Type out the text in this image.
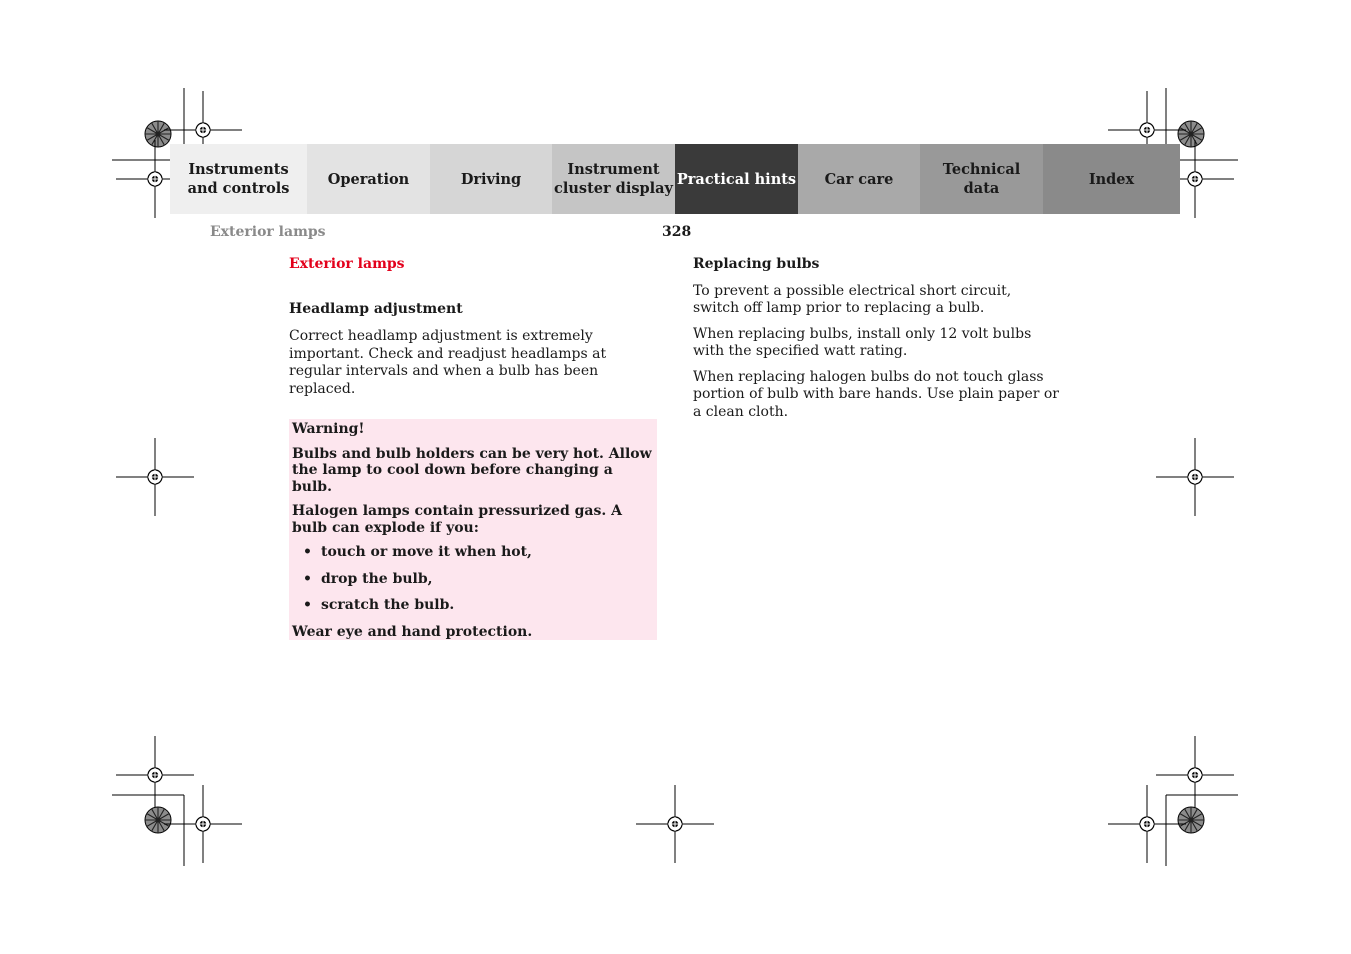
Instruments
and controls
Operation	Driving
Instrument
cluster display
Practical hints Car care
Technical
data
Index
Exterior lamps	328

Exterior lamps

Headlamp adjustment

Correct headlamp adjustment is extremely important. Check and readjust headlamps at regular intervals and when a bulb has been replaced.

Warning!

Bulbs and bulb holders can be very hot. Allow the lamp to cool down before changing a bulb.

Halogen lamps contain pressurized gas. A bulb can explode if you:

• touch or move it when hot,
• drop the bulb,
• scratch the bulb.

Wear eye and hand protection.

Replacing bulbs

To prevent a possible electrical short circuit, switch off lamp prior to replacing a bulb.

When replacing bulbs, install only 12 volt bulbs with the specified watt rating.

When replacing halogen bulbs do not touch glass portion of bulb with bare hands. Use plain paper or a clean cloth.
